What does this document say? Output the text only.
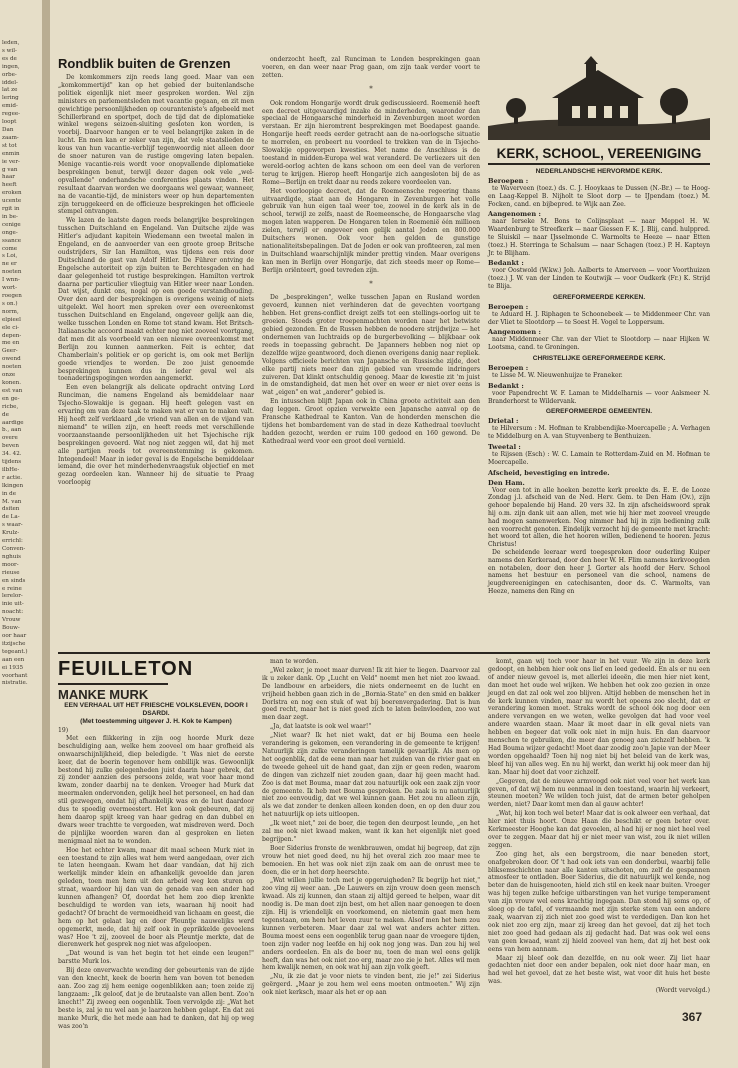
leden,
s wil-
es de
ingen,
orbe-
iddel-
lat ze
lering
emid-
regee-
loopt
Dan
zaam-
st tot
enmin
ie ver-
g van
haar
heeft
eroken
ucente
rgit in
in be-
cenige
onge-
ssance
come
s Loi,
ne er
noeten
I wnn-
wort-
roegen
s on.)
norm,
elpieel
ele ci-
depen-
me en
Geer-
owend
noeten
onze
konen.
est van
en ge-
ricbe,
de
aardige
b., aan
overe
beven
34. 42.
tijdens
ilbHe-
r actie.
lkingen
in de
M. van
dsiten
de La-
s waar-
Krulz-
errichl:
Conven-
nghuis
moor-
rieuse
en sinds
e reine
lerelor-
inie uit-
noacht:
Vrouw
Bouw-
oor haar
itzijsche
tegeant.)
aan een
ei 1935
voorhant
nistratie.
Rondblik buiten de Grenzen

De komkommers zijn reeds lang goed. Maar van een „komkommertijd" kan op het gebied der buitenlandsche politiek eigenlijk niet meer gesproken worden. Wel zijn ministers en parlementsleden met vacantie gegaan, en zit men gewichtige persoonlijkheden op couranteniste's afgebeeld met Schillerbrand en sportpet, doch de tijd dat de diplomatieke winkel wegens seizoen-sluiting gesloten kon worden, is voorbij. Daarvoor hangen er te veel belangrijke zaken in de lucht. En men kan er zeker van zijn, dat vele staatslieden de kous van hun vacantie-verblijf tegenwoordig niet alleen door de snoer naturen van de rustige omgeving laten bepalen. Menige vacantie-reis wordt voor onopvallende diplomatieke besprekingen benut, terwijl dezer dagen ook vele „wel-opvallende" onderhandsche conferenties plaats vinden. Het resultaat daarvan worden we doorgaans wel gewaar, wanneer, na de vacantie-tijd, de ministers weer op hun departementen zijn teruggekeerd en de officieuze besprekingen het officieele stempel ontvangen.

We lazen de laatste dagen reeds belangrijke besprekingen tusschen Duitschland en Engeland. Van Duitsche zijde was Hitler's adjudant kapitein Wiedemann een tweetal malen in Engeland, en de aanvoerder van een groote groep Britsche oudstrijders, Sir Ian Hamilton, was tijdens een reis door Duitschland de gast van Adolf Hitler. De Führer ontving de Engelsche autoriteit op zijn buiten te Berchtesgaden en had daar gelegenheid tot rustige besprekingen. Hamilton vertrok daarna per particulier vliegtuig van Hitler weer naar Londen. Dat wijst, dunkt ons, nogal op een goede verstandhouding. Over den aard der besprekingen is overigens weinig of niets uitgelekt. Wel hoort men spreken over een overeenkomst tusschen Duitschland en Engeland, ongeveer gelijk aan die, welke tusschen Londen en Rome tot stand kwam. Het Britsch-Italiaansche accoord maakt echter nog niet zooveel voortgang, dat men dit als voorbeeld van een nieuwe overeenkomst met Berlijn zou kunnen aanmerken. Feit is echter, dat Chamberlain's politiek er op gericht is, om ook met Berlijn goede vriendjes te worden. De zoo juist genoemde besprekingen kunnen dus in ieder geval wel als toenaderingspogingen worden aangemerkt.

Een even belangrijk als delicate opdracht ontving Lord Runciman, die namens Engeland als bemiddelaar naar Tsjecho-Slowakije is gegaan. Hij heeft gelegen vast en ervaring om van deze taak te maken wat er van te maken valt. Hij heeft zelf verklaard „de vriend van allen en de vijand van niemand" te willen zijn, en heeft reeds met verschillende voorzaanstaande persoonlijkheden uit het Tsjechische rijk besprekingen gevoerd. Wat nog niet zeggen wil, dat hij met alle partijen reeds tot overeenstemming is gekomen. Integendeel! Maar in ieder geval is de Engelsche bemiddelaar iemand, die over het minderhedenvraagstuk objectief en met gezag oordeelen kan. Wanneer hij de situatie te Praag voorloopig

onderzocht heeft, zal Runciman te Londen besprekingen gaan voeren, en dan weer naar Prag gaan, om zijn taak verder voort te zetten.

*

Ook rondom Hongarije wordt druk gediscussieerd. Roemenië heeft een decreet uitgevaardigd inzake de minderheden, waaronder dan speciaal de Hongaarsche minderheid in Zevenburgen moet worden verstaan. Er zijn hieromtrent besprekingen met Boedapest gaande. Hongarije heeft reeds eerder getracht aan de na-oorlogsche situatie te morrelen, en probeert nu voordeel te trekken van de in Tsjecho-Slowakije opgeworpen kwesties. Met name de Anschluss is de toestand in midden-Europa wel wat veranderd. De verliezers uit den wereld-oorlog achten de kans schoon om een deel van de verloren terug te krijgen. Hierop heeft Hongarije zich aangesloten bij de as Rome—Berlijn en trekt daar nu reeds zekere voordeelen van.

Het voorloopige decreet, dat de Roemeensche regeering thans uitvaardigde, staat aan de Hongaren in Zevenburgen het volle gebruik van hun eigen taal weer toe, zoowel in de kerk als in de school, terwijl ze zelfs, naast de Roemeensche, de Hongaarsche vlag mogen laten wapperen. De Hongaren telen in Roemenië één millioen zielen, terwijl er ongeveer een gelijk aantal Joden en 800.000 Duitschers wonen. Ook voor hen gelden de gunstige nationaliteitsbepalingen. Dat de Joden er ook van profiteeren, zal men in Duitschland waarschijnlijk minder prettig vinden. Maar overigens kan men in Berlijn over Hongarije, dat zich steeds meer op Rome—Berlijn oriënteert, goed tevreden zijn.

*

De „besprekingen", welke tusschen Japan en Rusland worden gevoerd, kunnen niet verhinderen dat de gevechten voortgang hebben. Het grens-conflict dreigt zelfs tot een stellings-oorlog uit te groeien. Steeds groter troepenmachten worden naar het betwiste gebied gezonden. En de Russen hebben de noodere strijdwijze — het ondernemen van luchtraids op de burgerbevolking — blijkbaar ook reeds in toepassing gebracht. De Japanners hebben nog niet op dezelfde wijze geantwoord, doch dienen overigens danig naar repliek. Volgens officieele berichten van Japansche en Russische zijde, doet elke partij niets meer dan zijn gebied van vreemde indringers zuiveren. Dat klinkt ontschuldig genoeg. Maar de kwestie zit 'm juist in de omstandigheid, dat men het over en weer er niet over eens is wat „eigen" en wat „anderer" gebied is.

En intusschen blijft Japan ook in China groote activiteit aan den dag leggen. Groot opzien verwekte een Japansche aanval op de Fransche Kathedraal te Kanton. Van de honderden menschen die tijdens het bombardement van de stad in deze Kathedraal toevlucht hadden gezocht, werden er ruim 100 gedood en 160 gewond. De Kathedraal werd voor een groot deel vernield.

KERK, SCHOOL, VEREENIGING
NEDERLANDSCHE HERVORMDE KERK.
Beroepen :
te Waverveen (toez.) ds. C. J. Hooykaas te Dussen (N.-Br.) — te Hoog- en Laag-Keppel B. Nijholt te Sloot dorp — te IJpendam (toez.) M. Focken, cand. en bijbepred. te Wijk aan Zee.
Aangenomen :
naar Ierseke M. Bons te Colijnsplaat — naar Meppel H. W. Waardenburg te Streefkerk — naar Giessen F. K. J. Blij, cand. hulppred. te Sluiskil — naar IJsselmonde C. Warmolts te Heeze — naar Etten (toez.) H. Sterringa te Schalsum — naar Schagen (toez.) P. H. Kapteyn Jr. te Blijham.
Bedankt :
voor Oostwold (W.kw.) Joh. Aalberts te Amerveen — voor Voorthuizen (toez.) J. W. van der Linden te Koutwijk — voor Oudkerk (Fr.) K. Strijd te Blija.
GEREFORMEERDE KERKEN.
Beroepen :
te Aduard H. J. Riphagen te Schoonebeek — te Middenmeer Chr. van der Vliet te Slootdorp — te Soest H. Vogel te Loppersum.
Aangenomen :
naar Middenmeer Chr. van der Vliet te Slootdorp — naar Hijken W. Lootsma, cand. te Groningen.
CHRISTELIJKE GEREFORMEERDE KERK.
Beroepen :
te Lisse M. W. Nieuwenhuijze te Franeker.
Bedankt :
voor Papendrecht W. F. Laman te Middelharnis — voor Aalsmeer N. Branderhorst te Wildervank.
GEREFORMEERDE GEMEENTEN.
Drietal :
te Hilversum : M. Hofman te Krabbendijke-Moercapelle ; A. Verhagen te Middelburg en A. van Stuyvenberg te Benthuizen.
Tweetal :
te Rijssen (Esch) : W. C. Lamain te Rotterdam-Zuid en M. Hofman te Moercapelle.
Afscheid, bevestiging en intrede.
Den Ham.
Voor een tot in alle hoeken bezette kerk preekte ds. E. E. de Looze Zondag j.l. afscheid van de Ned. Herv. Gem. te Den Ham (Ov.), zijn gehoor bepalende bij Hand. 20 vers 32. In zijn afscheidswoord sprak hij o.m. zijn dank uit aan allen, met wie hij hier met zooveel vreugde had mogen samenwerken. Nog nimmer had hij in zijn bediening zulk een voorrecht genoten. Eindelijk verzocht hij de gemeente met kracht: het woord tot allen, die het hooren willen, bedienend te hooren. Jezus Christus!
De scheidende leeraar werd toegesproken door ouderling Kuiper namens den Kerkeraad, door den heer W. H. Flim namens kerkvoogden en notabelen, door den heer J. Gorter als hoofd der Herv. School namens het bestuur en personeel van die school, namens de jeugdvereenigingen en catechisanten, door ds. C. Warmolts, van Heeze, namens den Ring en
FEUILLETON
MANKE MURK
EEN VERHAAL UIT HET FRIESCHE VOLKSLEVEN, DOOR I DSARDI.
(Met toestemming uitgever J. H. Kok te Kampen)
19)

Met een flikkering in zijn oog hoorde Murk deze beschuldiging aan, welke hem zooveel om haar grofheid als onwaarschijnlijkheid, diep beledigde. 't Was niet de eerste keer, dat de boerin tegenover hem onbillijk was. Gewoonlijk bestond hij zulke gelegenheden juist daarin haar gebrek, dat zij zonder aanzien des persoons zelde, wat voor haar mond kwam, zonder daarbij na te denken. Vroeger had Murk dat meermalen ondervonden, gelijk heel het personeel, en had dan stil gezwegen, omdat hij afhankelijk was en de lust daardoor dus te spoedig overmeestert. Het kon ook gebeuren, dat zij hem daarop spijt kreeg van haar gedrag en dan dubbel en dwars weer trachtte te vergoeden, wat misdreven werd. Doch de pijnlijke woorden waren dan al gesproken en lieten menigmaal niet na te wonden.

Hoe het echter kwam, maar dit maal scheen Murk niet in een toestand te zijn alles wat hem werd aangedaan, over zich te laten heengaan. Kwam het daar vandaan, dat hij zich werkelijk minder klein en afhankelijk gevoelde dan jaren geleden, toen men hem uit den arbeid weg kon sturen op straat, waardoor hij dan van de genade van een ander had kunnen afhangen? Of, doordat het hem zoo diep krenkte beschuldigd te worden van iets, waaraan hij nooit had gedacht? Of bracht de vermoeidheid van lichaam en geest, die hem op het gelaat lag en door Pleuntje nauwelijks werd opgemerkt, mede, dat hij zelf ook in geprikkelde gevoelens was? Hoe 't zij, zooveel de boer als Pleuntje merkte, dat de dierenwerk het gesprek nog niet was afgeloopen.

„Dat wound is van het begin tot het einde een leugen!" barstte Murk los.

Bij deze onverwachte wending der gebeurtenis van de zijde van den knecht, keek de boerin hem van boven tot beneden aan. Zoo zag zij hem eenige oogenblikken aan; toen zeide zij langzaam: „Ik geloof, dat je de brutaalste van allen bent. Zoo'n knecht!" Zij zweeg een oogenblik. Toen vervolgde zij: „Wat het beste is, zal je nu wel aan je laarzen hebben gelapt. En dat zei manke Murk, die het mede aan had te danken, dat hij op weg was zoo'n

man te worden.

„Wel zeker, je moet maar durven! Ik zit hier te liegen. Daarvoor zal ik u zeker dank. Op „Lucht en Veld" noemt men het niet zoo kwaad. De landbouw en arbeiders, die niets onderneemt en de lucht en vrijheid hebben gaan zich in de „Bornia-State" en den smid en bakker Dorlstra en nog een stuk of wat bij boerenvergadering. Dat is hun goed recht, maar het is niet goed zich te laten beïnvloeden, zoo wat men daar zegt.

„Ja, dat laatste is ook wel waar!"

„Niet waar? Ik het niet wakt, dat er bij Bouma een heele verandering is gekomen, een verandering in de gemeente te krijgen! Natuurlijk zijn zulke veranderingen tamelijk gevaarlijk. Als men op het oogenblik, dat de eene man naar het zuiden van de rivier gaat en de tweede geheel uit de hand gaat, dan zijn er geen reden, waarom de dingen van zichzelf niet zouden gaan, daar hij geen macht had. Zoo is dat met Bouma, maar dat zou natuurlijk ook een zaak zijn voor de gemeente. Ik heb met Bouma gesproken. De zaak is nu natuurlijk niet zoo eenvoudig, dat we wel kunnen gaan. Het zou nu alleen zijn, als we dat zonder te denken alleen konden doen, en op den duur zou het natuurlijk op iets uitloopen.

„Ik weet niet," zei de boer, die tegen den deurpost leunde, „en het zal me ook niet kwaad maken, want ik kan het eigenlijk niet goed begrijpen."

Boer Siderius fronste de wenkbrauwen, omdat hij begreep, dat zijn vrouw het niet goed deed, nu hij het overal zich zoo maar mee te bemoeien. En het was ook niet zijn zaak om aan de onrust mee te doen, die er in het dorp heerschte.

„Wat willen jullie toch met je opgeruigheden? Ik begrijp het niet," zoo ving zij weer aan. „De Lauwers en zijn vrouw doen geen mensch kwaad. Als zij kunnen, dan staan zij altijd gereed te helpen, waar dit noodig is. De man doet zijn best, om het allen naar genoegen te doen zijn. Hij is vriendelijk en voorkomend, en nietemin gaat men hem tegenstaan, om hem het leven zuur te maken. Alsof men het hem zou kunnen verbeteren. Maar daar zal wel wat anders achter zitten. Bouma moest eens een oogenblik terug gaan naar de vroegere tijden, toen zijn vader nog leefde en hij ook nog jong was. Dan zou hij wel anders oordeelen. En als de boer nu, toen de man wel eens gelijk heeft, dan was het ook niet zoo erg, maar zoo zie je het. Alles wil men hem kwalijk nemen, en ook wat hij aan zijn volk geeft.

„Nu, ik zie dat je voor niets te vinden bent, zie je!" zei Siderius geërgerd. „Maar je zou hem wel eens moeten ontmoeten." Wij zijn ook niet kerksch, maar als het er op aan

komt, gaan wij toch voor haar in het vuur. We zijn in deze kerk gedoopt, en hebben hier ook ons lief en leed gedeeld. En als er nu een of ander nieuw gevoel is, met allerlei ideeën, die men hier niet kent, dan moet het oude wel wijken. We hebben het ook zoo gezien in onze jeugd en dat zal ook wel zoo blijven. Altijd hebben de menschen het in de kerk kunnen vinden, maar nu wordt het opeens zoo slecht, dat er verandering komen moet. Straks wordt de school óók nog door een andere vervangen en we weten, welke gevolgen dat had voor veel andere waarden staan. Maar ik moet daar in elk geval niets van hebben en begeer dat volk ook niet in mijn huis. En dan daarvoor menschen te gebruiken, die meer dan genoeg aan zichzelf hebben. 'k Had Bouma wijzer gedacht! Moet daar zoodig zoo'n Japie van der Meer worden opgehaald? Toen hij nog niet bij het beleid van de kerk was, bleef hij van alles weg. En nu hij werkt, dan werkt hij ook meer dan hij kan. Maar hij doet dat voor zichzelf.

„Gegeven, dat de nieuwe armvoogd ook niet veel voor het werk kan geven, of dat wij hem nu eenmaal in den toestand, waarin hij verkeert, steunen moeten? We wilden toch juist, dat de armen beter geholpen werden, niet? Daar komt men dan al gauw achter!

„Wat, hij kon toch wel beter! Maar dat is ook alweer een verhaal, dat hier niet thuis hoort. Onze Haan die beschikt er geen beter over. Kerkmeester Hooghe kan dat gevoelen, al had hij er nog niet heel veel over te zeggen. Maar dat hij er niet meer van wist, zou ik niet willen zeggen.

Zoo ging het, als een bergstroom, die naar beneden stort, onafgebroken door. Of 't had ook iets van een donderbui, waarbij felle bliksemschichten naar alle kanten uitschoten, om zelf de gespannen atmosfeer te ontladen. Boer Siderius, die dit natuurlijk wel kende, nog beter dan de huisgenooten, hield zich stil en keek naar buiten. Vroeger was hij tegen zulke hefcige uitbarstingen van het vurige temperament van zijn vrouw wel eens krachtig ingegaan. Dan stond hij soms op, of sloeg op de tafel, of vermaande met zijn sterke stem van een andere zaak, waarvan zij zich niet zoo goed wist te verdedigen. Dan kon het ook niet zoo erg zijn, maar zij kreeg dan het gevoel, dat zij het toch niet zoo goed had gedaan als zij gedacht had. Dat was ook wel eens van geen kwaad, want zij hield zooveel van hem, dat zij het best ook eens van hem aannam.

Maar zij bleef ook dan dezelfde, en nu ook weer. Zij liet haar gedachten niet door een ander bepalen, ook niet door haar man, en had wel het gevoel, dat ze het beste wist, wat voor dit huis het beste was.

(Wordt vervolgd.)
367
